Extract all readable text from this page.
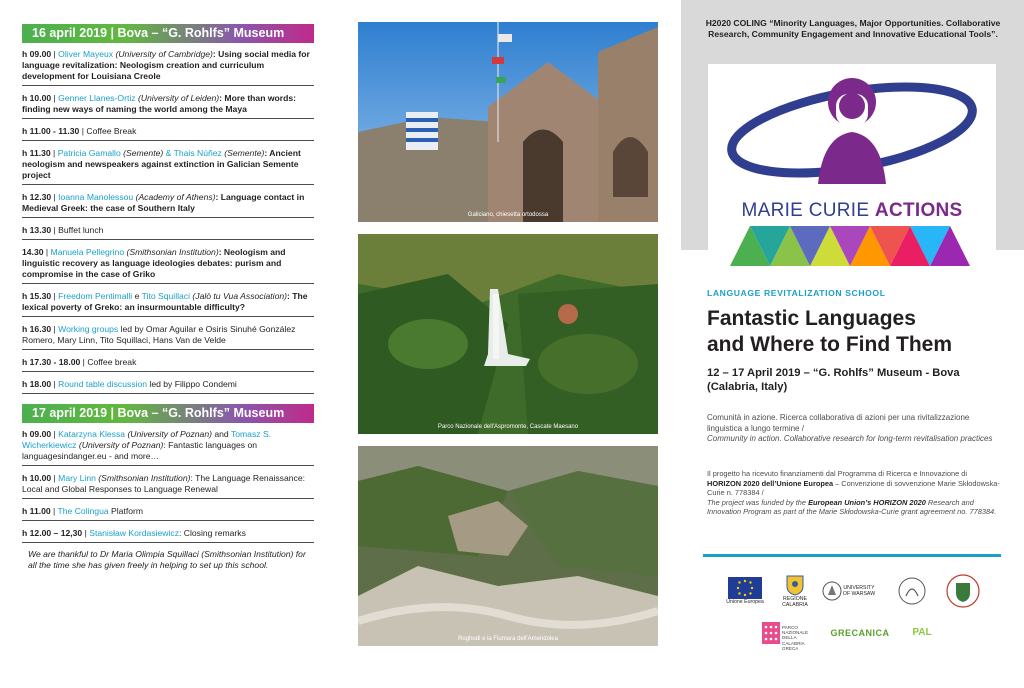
16 april 2019 | Bova – “G. Rohlfs” Museum
h 09.00 | Oliver Mayeux (University of Cambridge): Using social media for language revitalization: Neologism creation and curriculum development for Louisiana Creole
h 10.00 | Genner Llanes-Ortiz (University of Leiden): More than words: finding new ways of naming the world among the Maya
h 11.00 - 11.30 | Coffee Break
h 11.30 | Patricia Gamallo (Semente) & Thais Núñez (Semente): Ancient neologism and newspeakers against extinction in Galician Semente project
h 12.30 | Ioanna Manolessou (Academy of Athens): Language contact in Medieval Greek: the case of Southern Italy
h 13.30 | Buffet lunch
14.30 | Manuela Pellegrino (Smithsonian Institution): Neologism and linguistic recovery as language ideologies debates: purism and compromise in the case of Griko
h 15.30 | Freedom Pentimalli e Tito Squillaci (Jalò tu Vua Association): The lexical poverty of Greko: an insurmountable difficulty?
h 16.30 | Working groups led by Omar Aguilar e Osiris Sinuhé González Romero, Mary Linn, Tito Squillaci, Hans Van de Velde
h 17.30 - 18.00 | Coffee break
h 18.00 | Round table discussion led by Filippo Condemi
17 april 2019 | Bova – “G. Rohlfs” Museum
h 09.00 | Katarzyna Klessa (University of Poznan) and Tomasz S. Wicherkiewicz (University of Poznan): Fantastic languages on languagesindanger.eu - and more…
h 10.00 | Mary Linn (Smithsonian Institution): The Language Renaissance: Local and Global Responses to Language Renewal
h 11.00 | The Colingua Platform
h 12.00 – 12,30 | Stanisław Kordasiewicz: Closing remarks
We are thankful to Dr Maria Olimpia Squillaci (Smithsonian Institution) for all the time she has given freely in helping to set up this school.
Galiciano, chiesetta ortodossa
Parco Nazionale dell'Aspromonte, Cascate Maesano
Roghudi e la Fiumara dell'Amendolea
H2020 COLING “Minority Languages, Major Opportunities. Collaborative Research, Community Engagement and Innovative Educational Tools”.
MARIE CURIE ACTIONS
LANGUAGE REVITALIZATION SCHOOL
Fantastic Languages
and Where to Find Them
12 – 17 April 2019 – “G. Rohlfs” Museum - Bova (Calabria, Italy)
Comunità in azione. Ricerca collaborativa di azioni per una rivitalizzazione linguistica a lungo termine /
Community in action. Collaborative research for long-term revitalisation practices
Il progetto ha ricevuto finanziamenti dal Programma di Ricerca e Innovazione di HORIZON 2020 dell’Unione Europea – Convenzione di sovvenzione Marie Skłodowska-Curie n. 778384 /
The project was funded by the European Union’s HORIZON 2020 Research and Innovation Program as part of the Marie Skłodowska-Curie grant agreement no. 778384.
Unione Europea	REGIONE CALABRIA
UNIVERSITY OF WARSAW
PARCO NAZIONALE DELLA CALABRIA GRECA
GRECANICA PAL
